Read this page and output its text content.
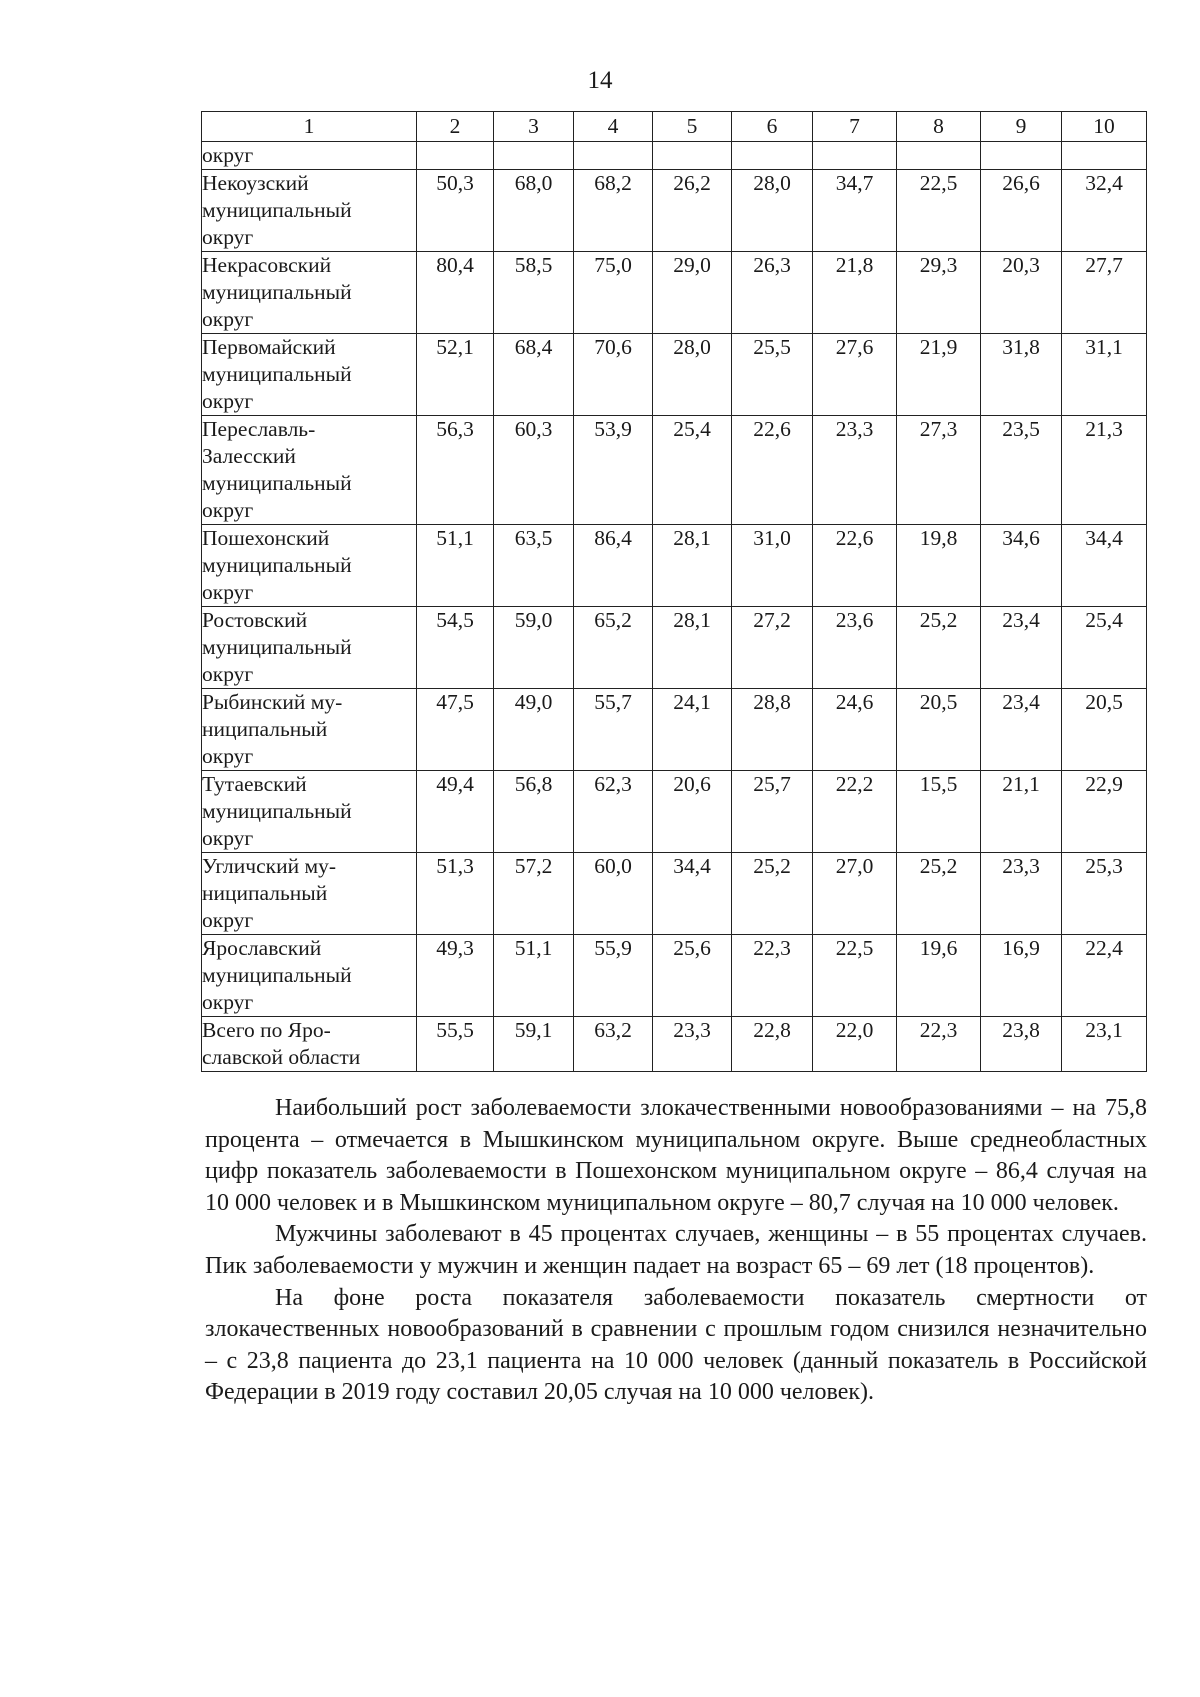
14
1	2	3	4	5	6	7	8	9	10
округ									
Некоузский
муниципальный
округ	50,3	68,0	68,2	26,2	28,0	34,7	22,5	26,6	32,4
Некрасовский
муниципальный
округ	80,4	58,5	75,0	29,0	26,3	21,8	29,3	20,3	27,7
Первомайский
муниципальный
округ	52,1	68,4	70,6	28,0	25,5	27,6	21,9	31,8	31,1
Переславль-
Залесский
муниципальный
округ	56,3	60,3	53,9	25,4	22,6	23,3	27,3	23,5	21,3
Пошехонский
муниципальный
округ	51,1	63,5	86,4	28,1	31,0	22,6	19,8	34,6	34,4
Ростовский
муниципальный
округ	54,5	59,0	65,2	28,1	27,2	23,6	25,2	23,4	25,4
Рыбинский му-
ниципальный
округ	47,5	49,0	55,7	24,1	28,8	24,6	20,5	23,4	20,5
Тутаевский
муниципальный
округ	49,4	56,8	62,3	20,6	25,7	22,2	15,5	21,1	22,9
Угличский му-
ниципальный
округ	51,3	57,2	60,0	34,4	25,2	27,0	25,2	23,3	25,3
Ярославский
муниципальный
округ	49,3	51,1	55,9	25,6	22,3	22,5	19,6	16,9	22,4
Всего по Яро-
славской области	55,5	59,1	63,2	23,3	22,8	22,0	22,3	23,8	23,1

Наибольший рост заболеваемости злокачественными новообразованиями – на 75,8 процента – отмечается в Мышкинском муниципальном округе. Выше среднеобластных цифр показатель заболеваемости в Пошехонском муниципальном округе – 86,4 случая на 10 000 человек и в Мышкинском муниципальном округе – 80,7 случая на 10 000 человек.

Мужчины заболевают в 45 процентах случаев, женщины – в 55 процентах случаев. Пик заболеваемости у мужчин и женщин падает на возраст 65 – 69 лет (18 процентов).

На фоне роста показателя заболеваемости показатель смертности от злокачественных новообразований в сравнении с прошлым годом снизился незначительно – с 23,8 пациента до 23,1 пациента на 10 000 человек (данный показатель в Российской Федерации в 2019 году составил 20,05 случая на 10 000 человек).
